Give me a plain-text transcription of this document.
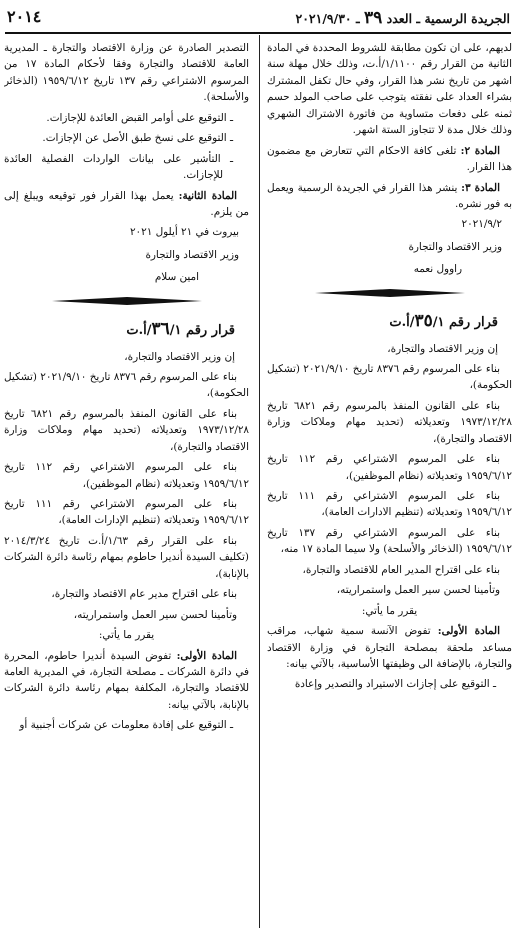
٢٠١٤	الجريدة الرسمية ـ العدد ٣٩ ـ ٢٠٢١/٩/٣٠

لديهم، على ان تكون مطابقة للشروط المحددة في المادة الثانية من القرار رقم ١/١١٠٠/أ.ت، وذلك خلال مهلة سنة اشهر من تاريخ نشر هذا القرار، وفي حال تكفل المشترك بشراء العداد على نفقته يتوجب على صاحب المولد حسم ثمنه على دفعات متساوية من فاتورة الاشتراك الشهري وذلك خلال مدة لا تتجاوز الستة اشهر.

المادة ٢: تلغى كافة الاحكام التي تتعارض مع مضمون هذا القرار.

المادة ٣: ينشر هذا القرار في الجريدة الرسمية ويعمل به فور نشره.

٢٠٢١/٩/٢
وزير الاقتصاد والتجارة
راوول نعمه
قرار رقم ٣٥/١/أ.ت

إن وزير الاقتصاد والتجارة،

بناء على المرسوم رقم ٨٣٧٦ تاريخ ٢٠٢١/٩/١٠ (تشكيل الحكومة)،

بناء على القانون المنفذ بالمرسوم رقم ٦٨٢١ تاريخ ١٩٧٣/١٢/٢٨ وتعديلاته (تحديد مهام وملاكات وزارة الاقتصاد والتجارة)،

بناء على المرسوم الاشتراعي رقم ١١٢ تاريخ ١٩٥٩/٦/١٢ وتعديلاته (نظام الموظفين)،

بناء على المرسوم الاشتراعي رقم ١١١ تاريخ ١٩٥٩/٦/١٢ وتعديلاته (تنظيم الادارات العامة)،

بناء على المرسوم الاشتراعي رقم ١٣٧ تاريخ ١٩٥٩/٦/١٢ (الذخائر والأسلحة) ولا سيما المادة ١٧ منه،

بناء على اقتراح المدير العام للاقتصاد والتجارة،

وتأمينا لحسن سير العمل واستمراريته،

يقرر ما يأتي:

المادة الأولى: تفوض الآنسة سمية شهاب، مراقب مساعد ملحقة بمصلحة التجارة في وزارة الاقتصاد والتجارة، بالإضافة الى وظيفتها الأساسية، بالآتي بيانه:

ـ التوقيع على إجازات الاستيراد والتصدير وإعادة

التصدير الصادرة عن وزارة الاقتصاد والتجارة ـ المديرية العامة للاقتصاد والتجارة وفقا لأحكام المادة ١٧ من المرسوم الاشتراعي رقم ١٣٧ تاريخ ١٩٥٩/٦/١٢ (الذخائر والأسلحة).

ـ التوقيع على أوامر القبض العائدة للإجازات.

ـ التوقيع على نسخ طبق الأصل عن الإجازات.

ـ التأشير على بيانات الواردات الفصلية العائدة للإجازات.

المادة الثانية: يعمل بهذا القرار فور توقيعه ويبلغ إلى من يلزم.

بيروت في ٢١ أيلول ٢٠٢١
وزير الاقتصاد والتجارة
امين سلام
قرار رقم ٣٦/١/أ.ت

إن وزير الاقتصاد والتجارة،

بناء على المرسوم رقم ٨٣٧٦ تاريخ ٢٠٢١/٩/١٠ (تشكيل الحكومة)،

بناء على القانون المنفذ بالمرسوم رقم ٦٨٢١ تاريخ ١٩٧٣/١٢/٢٨ وتعديلاته (تحديد مهام وملاكات وزارة الاقتصاد والتجارة)،

بناء على المرسوم الاشتراعي رقم ١١٢ تاريخ ١٩٥٩/٦/١٢ وتعديلاته (نظام الموظفين)،

بناء على المرسوم الاشتراعي رقم ١١١ تاريخ ١٩٥٩/٦/١٢ وتعديلاته (تنظيم الإدارات العامة)،

بناء على القرار رقم ١/٦٣/أ.ت تاريخ ٢٠١٤/٣/٢٤ (تكليف السيدة أنديرا حاطوم بمهام رئاسة دائرة الشركات بالإنابة)،

بناء على اقتراح مدير عام الاقتصاد والتجارة،

وتأمينا لحسن سير العمل واستمراريته،

يقرر ما يأتي:

المادة الأولى: تفوض السيدة أنديرا حاطوم، المحررة في دائرة الشركات ـ مصلحة التجارة، في المديرية العامة للاقتصاد والتجارة، المكلفة بمهام رئاسة دائرة الشركات بالإنابة، بالآتي بيانه:

ـ التوقيع على إفادة معلومات عن شركات أجنبية أو
